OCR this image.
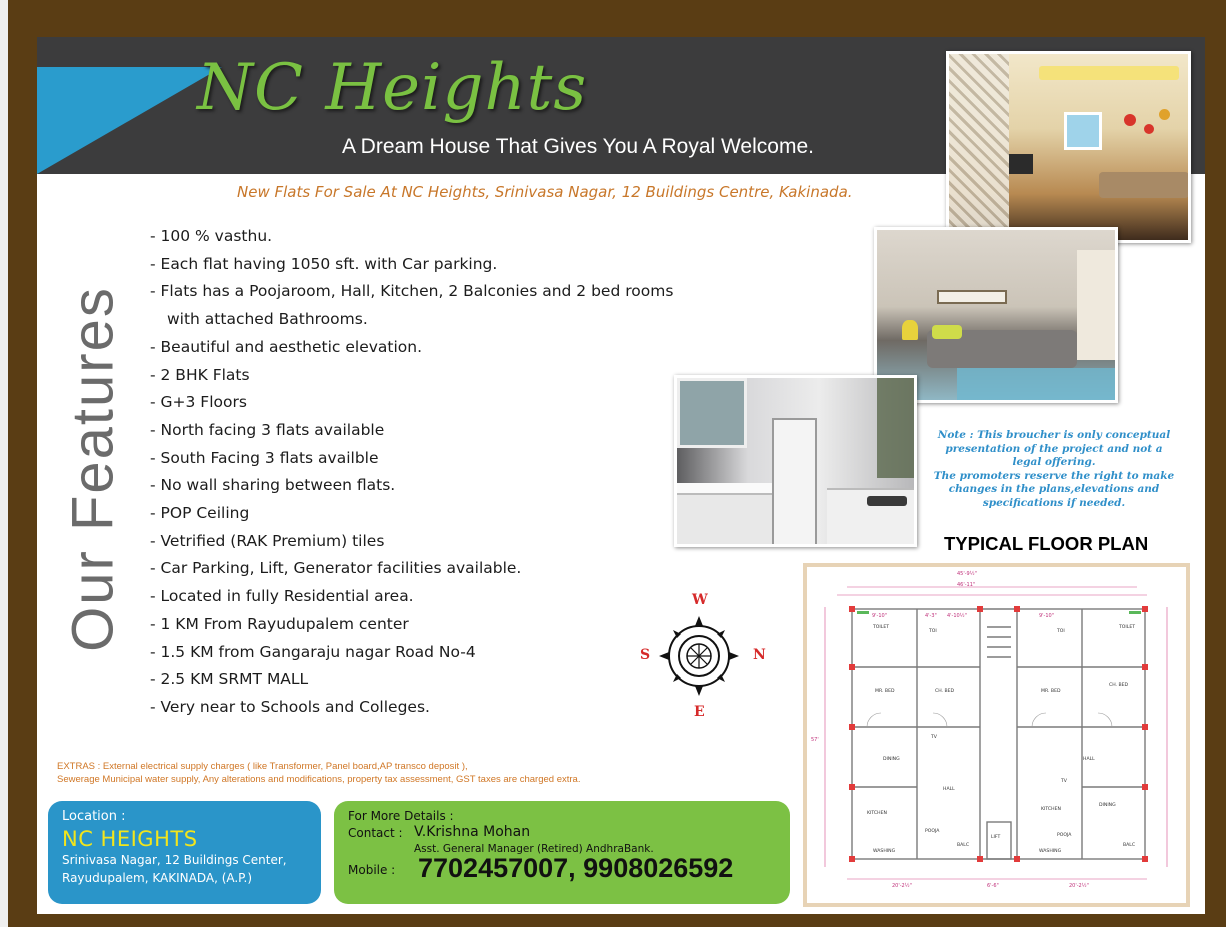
NC Heights
A Dream House That Gives You A Royal Welcome.
New Flats For Sale At NC Heights, Srinivasa Nagar, 12 Buildings Centre, Kakinada.
Our Features
- 100 % vasthu.
- Each flat having 1050 sft. with Car parking.
- Flats has a Poojaroom, Hall, Kitchen, 2 Balconies and 2 bed rooms
with attached Bathrooms.
- Beautiful and aesthetic elevation.
- 2 BHK Flats
- G+3 Floors
- North facing 3 flats available
- South Facing 3 flats availble
- No wall sharing between flats.
- POP Ceiling
- Vetrified (RAK Premium) tiles
- Car Parking, Lift, Generator facilities available.
- Located in fully Residential area.
- 1 KM From Rayudupalem center
- 1.5 KM from Gangaraju nagar Road No-4
- 2.5 KM SRMT MALL
- Very near to Schools and Colleges.
Note : This broucher is only conceptual presentation of the project and not a legal offering.
The promoters reserve the right to make changes in the plans,elevations and specifications if needed.
TYPICAL FLOOR PLAN
45'-9½"
46'-11"
57'
20'-2½"	6'-6"	20'-2½"
9'-10"	4'-3" 4'-10½"	9'-10"
TOILET
TOI
MR. BED	CH. BED
TV
DINING
HALL
KITCHEN
POOJA
WASHING
BALC
LIFT
TOILET
TOI
MR. BED
CH. BED
TV
DINING
HALL
KITCHEN
POOJA
WASHING
BALC
W
S	N
E
EXTRAS : External electrical supply charges ( like Transformer, Panel board,AP transco deposit ),
Sewerage Municipal water supply, Any alterations and modifications, property tax assessment, GST taxes are charged extra.
Location :
NC HEIGHTS
Srinivasa Nagar, 12 Buildings Center,
Rayudupalem, KAKINADA, (A.P.)
For More Details :
Contact : V.Krishna Mohan
Asst. General Manager (Retired) AndhraBank.
Mobile : 7702457007, 9908026592
